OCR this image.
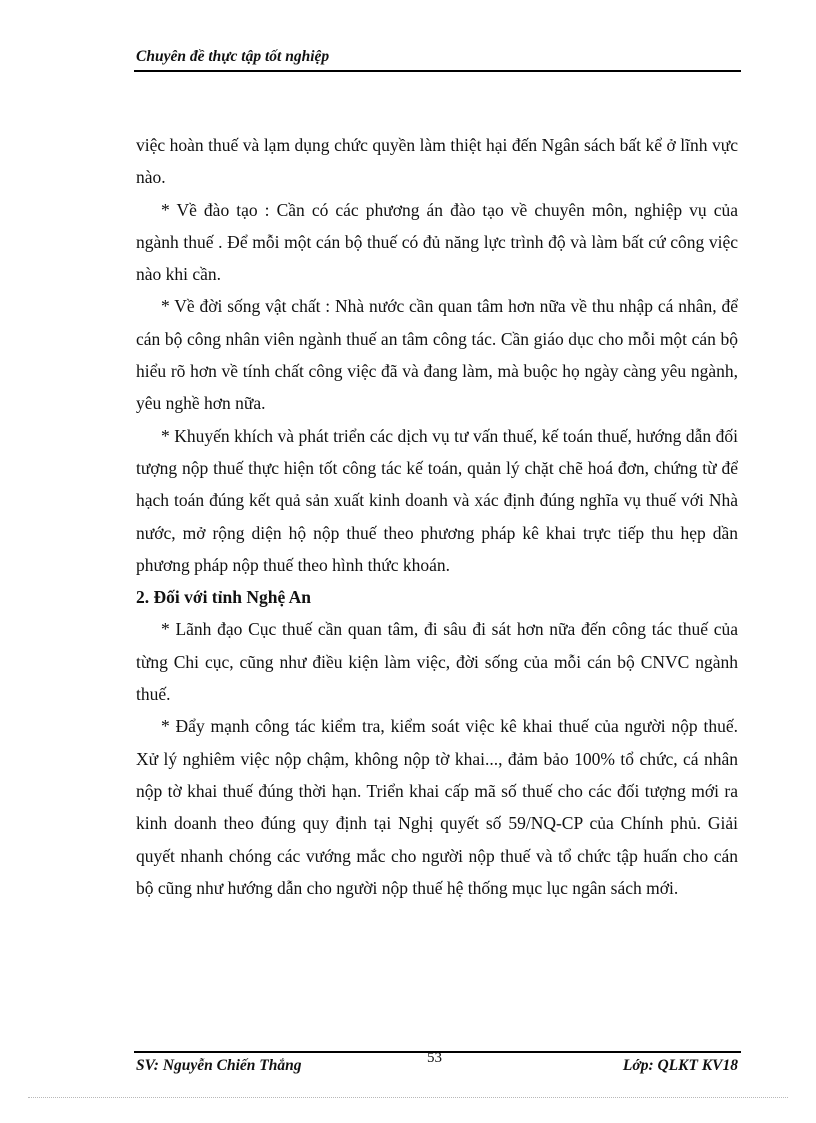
Chuyên đề thực tập tốt nghiệp

việc hoàn thuế và lạm dụng chức quyền làm thiệt hại đến Ngân sách bất kể ở lĩnh vực nào.

* Về đào tạo : Cần có các phương án đào tạo về chuyên môn, nghiệp vụ của ngành thuế . Để mỗi một cán bộ thuế có đủ năng lực trình độ và làm bất cứ công việc nào khi cần.

* Về đời sống vật chất : Nhà nước cần quan tâm hơn nữa về thu nhập cá nhân, để cán bộ công nhân viên ngành thuế an tâm công tác. Cần giáo dục cho mỗi một cán bộ hiểu rõ hơn về tính chất công việc đã và đang làm, mà buộc họ ngày càng yêu ngành, yêu nghề hơn nữa.

* Khuyến khích và phát triển các dịch vụ tư vấn thuế, kế toán thuế, hướng dẫn đối tượng nộp thuế thực hiện tốt công tác kế toán, quản lý chặt chẽ hoá đơn, chứng từ để hạch toán đúng kết quả sản xuất kinh doanh và xác định đúng nghĩa vụ thuế với Nhà nước, mở rộng diện hộ nộp thuế theo phương pháp kê khai trực tiếp thu hẹp dần phương pháp nộp thuế theo hình thức khoán.

2. Đối với tỉnh Nghệ An

* Lãnh đạo Cục thuế cần quan tâm, đi sâu đi sát hơn nữa đến công tác thuế của từng Chi cục, cũng như điều kiện làm việc, đời sống của mỗi cán bộ CNVC ngành thuế.

* Đẩy mạnh công tác kiểm tra, kiểm soát việc kê khai thuế của người nộp thuế. Xử lý nghiêm việc nộp chậm, không nộp tờ khai..., đảm bảo 100% tổ chức, cá nhân nộp tờ khai thuế đúng thời hạn. Triển khai cấp mã số thuế cho các đối tượng mới ra kinh doanh theo đúng quy định tại Nghị quyết số 59/NQ-CP của Chính phủ. Giải quyết nhanh chóng các vướng mắc cho người nộp thuế và tổ chức tập huấn cho cán bộ cũng như hướng dẫn cho người nộp thuế hệ thống mục lục ngân sách mới.

SV: Nguyễn Chiến Thắng	53	Lớp: QLKT KV18
